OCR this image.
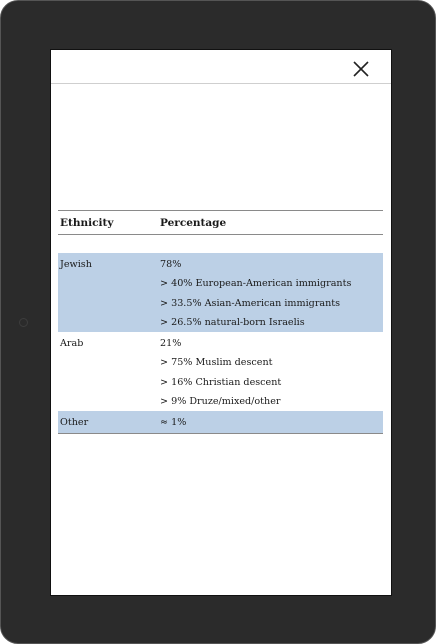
Ethnicity	Percentage

Jewish	78%
> 40% European-American immigrants
> 33.5% Asian-American immigrants
> 26.5% natural-born Israelis

Arab	21%
> 75% Muslim descent
> 16% Christian descent
> 9% Druze/mixed/other

Other	≈ 1%
